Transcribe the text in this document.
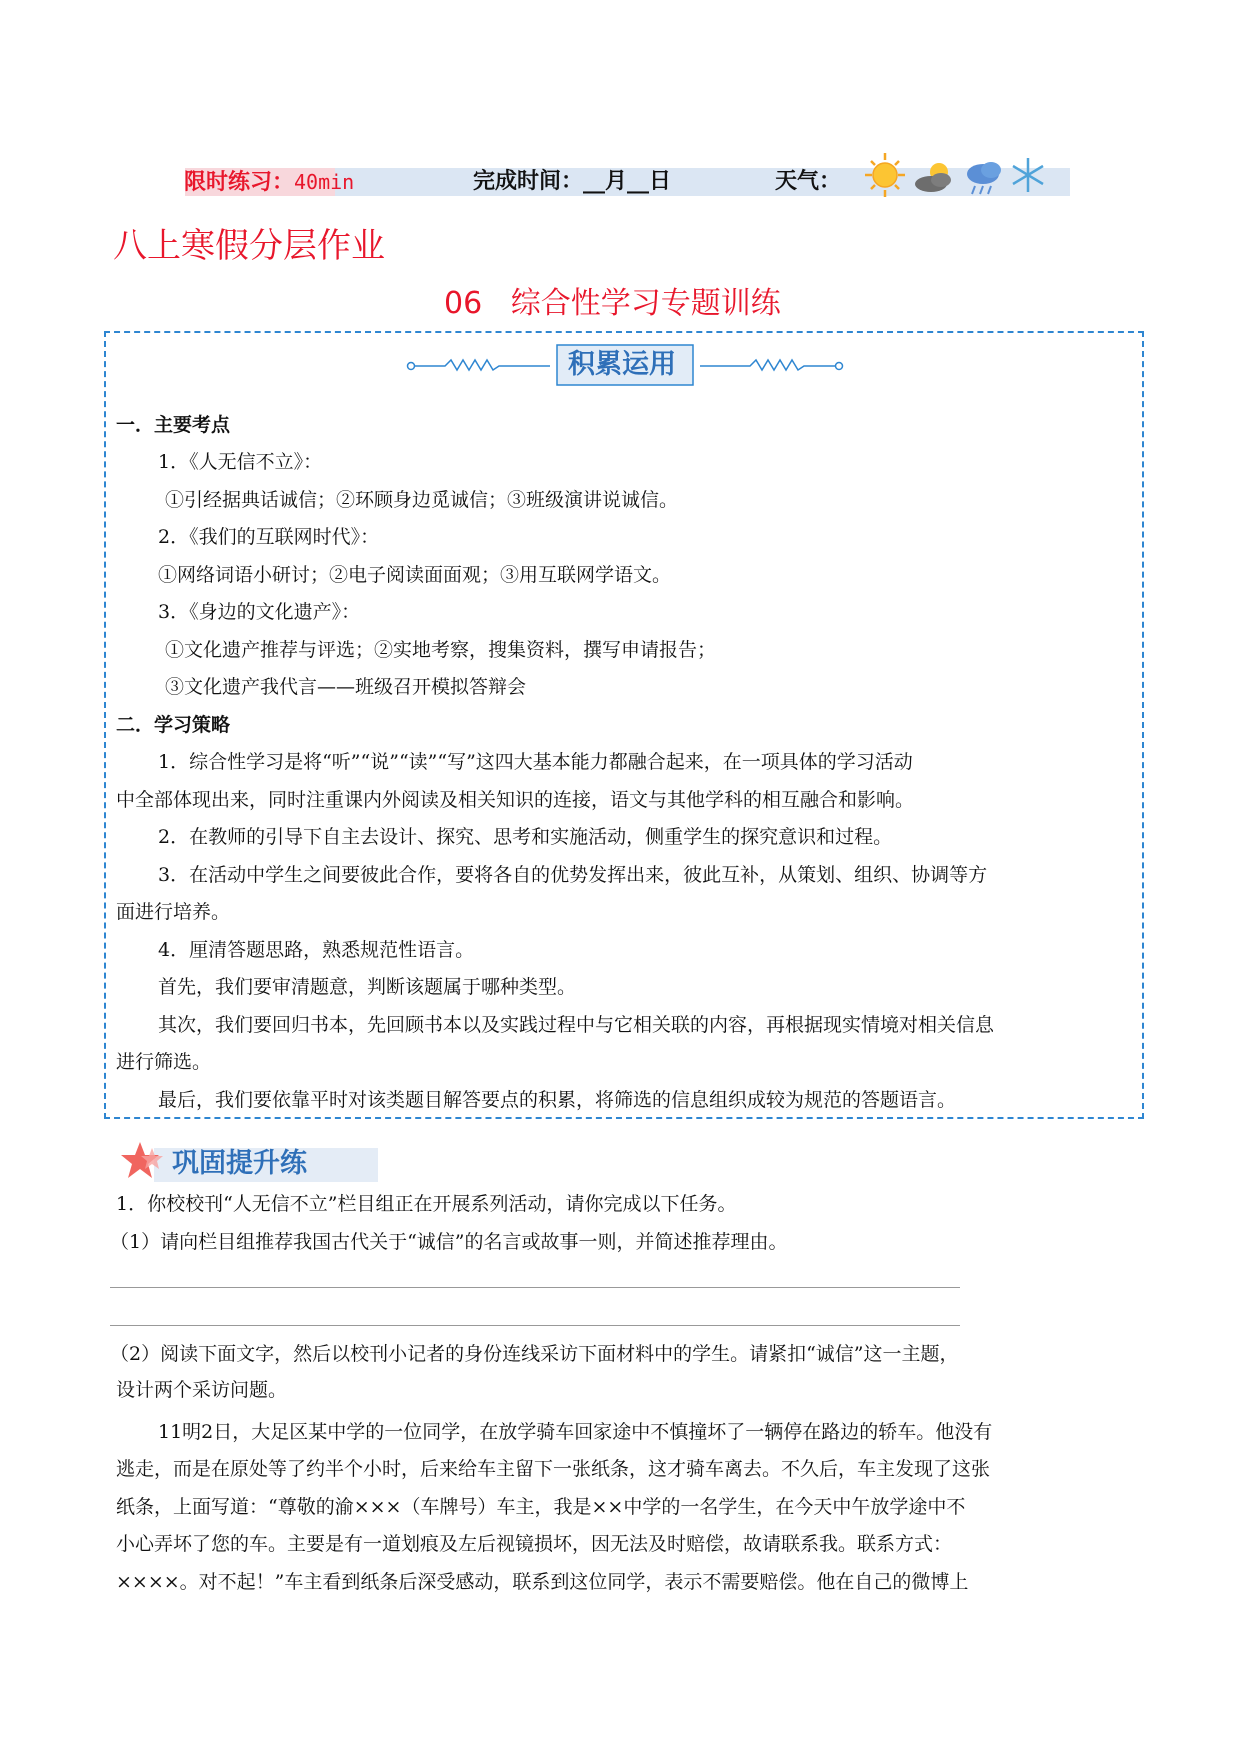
限时练习：40min	完成时间：__月__日	天气：
八上寒假分层作业
06   综合性学习专题训练
积累运用
一．主要考点
1．《人无信不立》：
①引经据典话诚信；②环顾身边觅诚信；③班级演讲说诚信。
2．《我们的互联网时代》：
①网络词语小研讨；②电子阅读面面观；③用互联网学语文。
3．《身边的文化遗产》：
①文化遗产推荐与评选；②实地考察，搜集资料，撰写申请报告；
③文化遗产我代言——班级召开模拟答辩会
二．学习策略
1．综合性学习是将“听”“说”“读”“写”这四大基本能力都融合起来，在一项具体的学习活动
中全部体现出来，同时注重课内外阅读及相关知识的连接，语文与其他学科的相互融合和影响。
2．在教师的引导下自主去设计、探究、思考和实施活动，侧重学生的探究意识和过程。
3．在活动中学生之间要彼此合作，要将各自的优势发挥出来，彼此互补，从策划、组织、协调等方
面进行培养。
4．厘清答题思路，熟悉规范性语言。
首先，我们要审清题意，判断该题属于哪种类型。
其次，我们要回归书本，先回顾书本以及实践过程中与它相关联的内容，再根据现实情境对相关信息
进行筛选。
最后，我们要依靠平时对该类题目解答要点的积累，将筛选的信息组织成较为规范的答题语言。
巩固提升练
1．你校校刊“人无信不立”栏目组正在开展系列活动，请你完成以下任务。
（1）请向栏目组推荐我国古代关于“诚信”的名言或故事一则，并简述推荐理由。
（2）阅读下面文字，然后以校刊小记者的身份连线采访下面材料中的学生。请紧扣“诚信”这一主题，
设计两个采访问题。
11明2日，大足区某中学的一位同学，在放学骑车回家途中不慎撞坏了一辆停在路边的轿车。他没有
逃走，而是在原处等了约半个小时，后来给车主留下一张纸条，这才骑车离去。不久后，车主发现了这张
纸条，上面写道：“尊敬的渝×××（车牌号）车主，我是××中学的一名学生，在今天中午放学途中不
小心弄坏了您的车。主要是有一道划痕及左后视镜损坏，因无法及时赔偿，故请联系我。联系方式：
××××。对不起！”车主看到纸条后深受感动，联系到这位同学，表示不需要赔偿。他在自己的微博上
